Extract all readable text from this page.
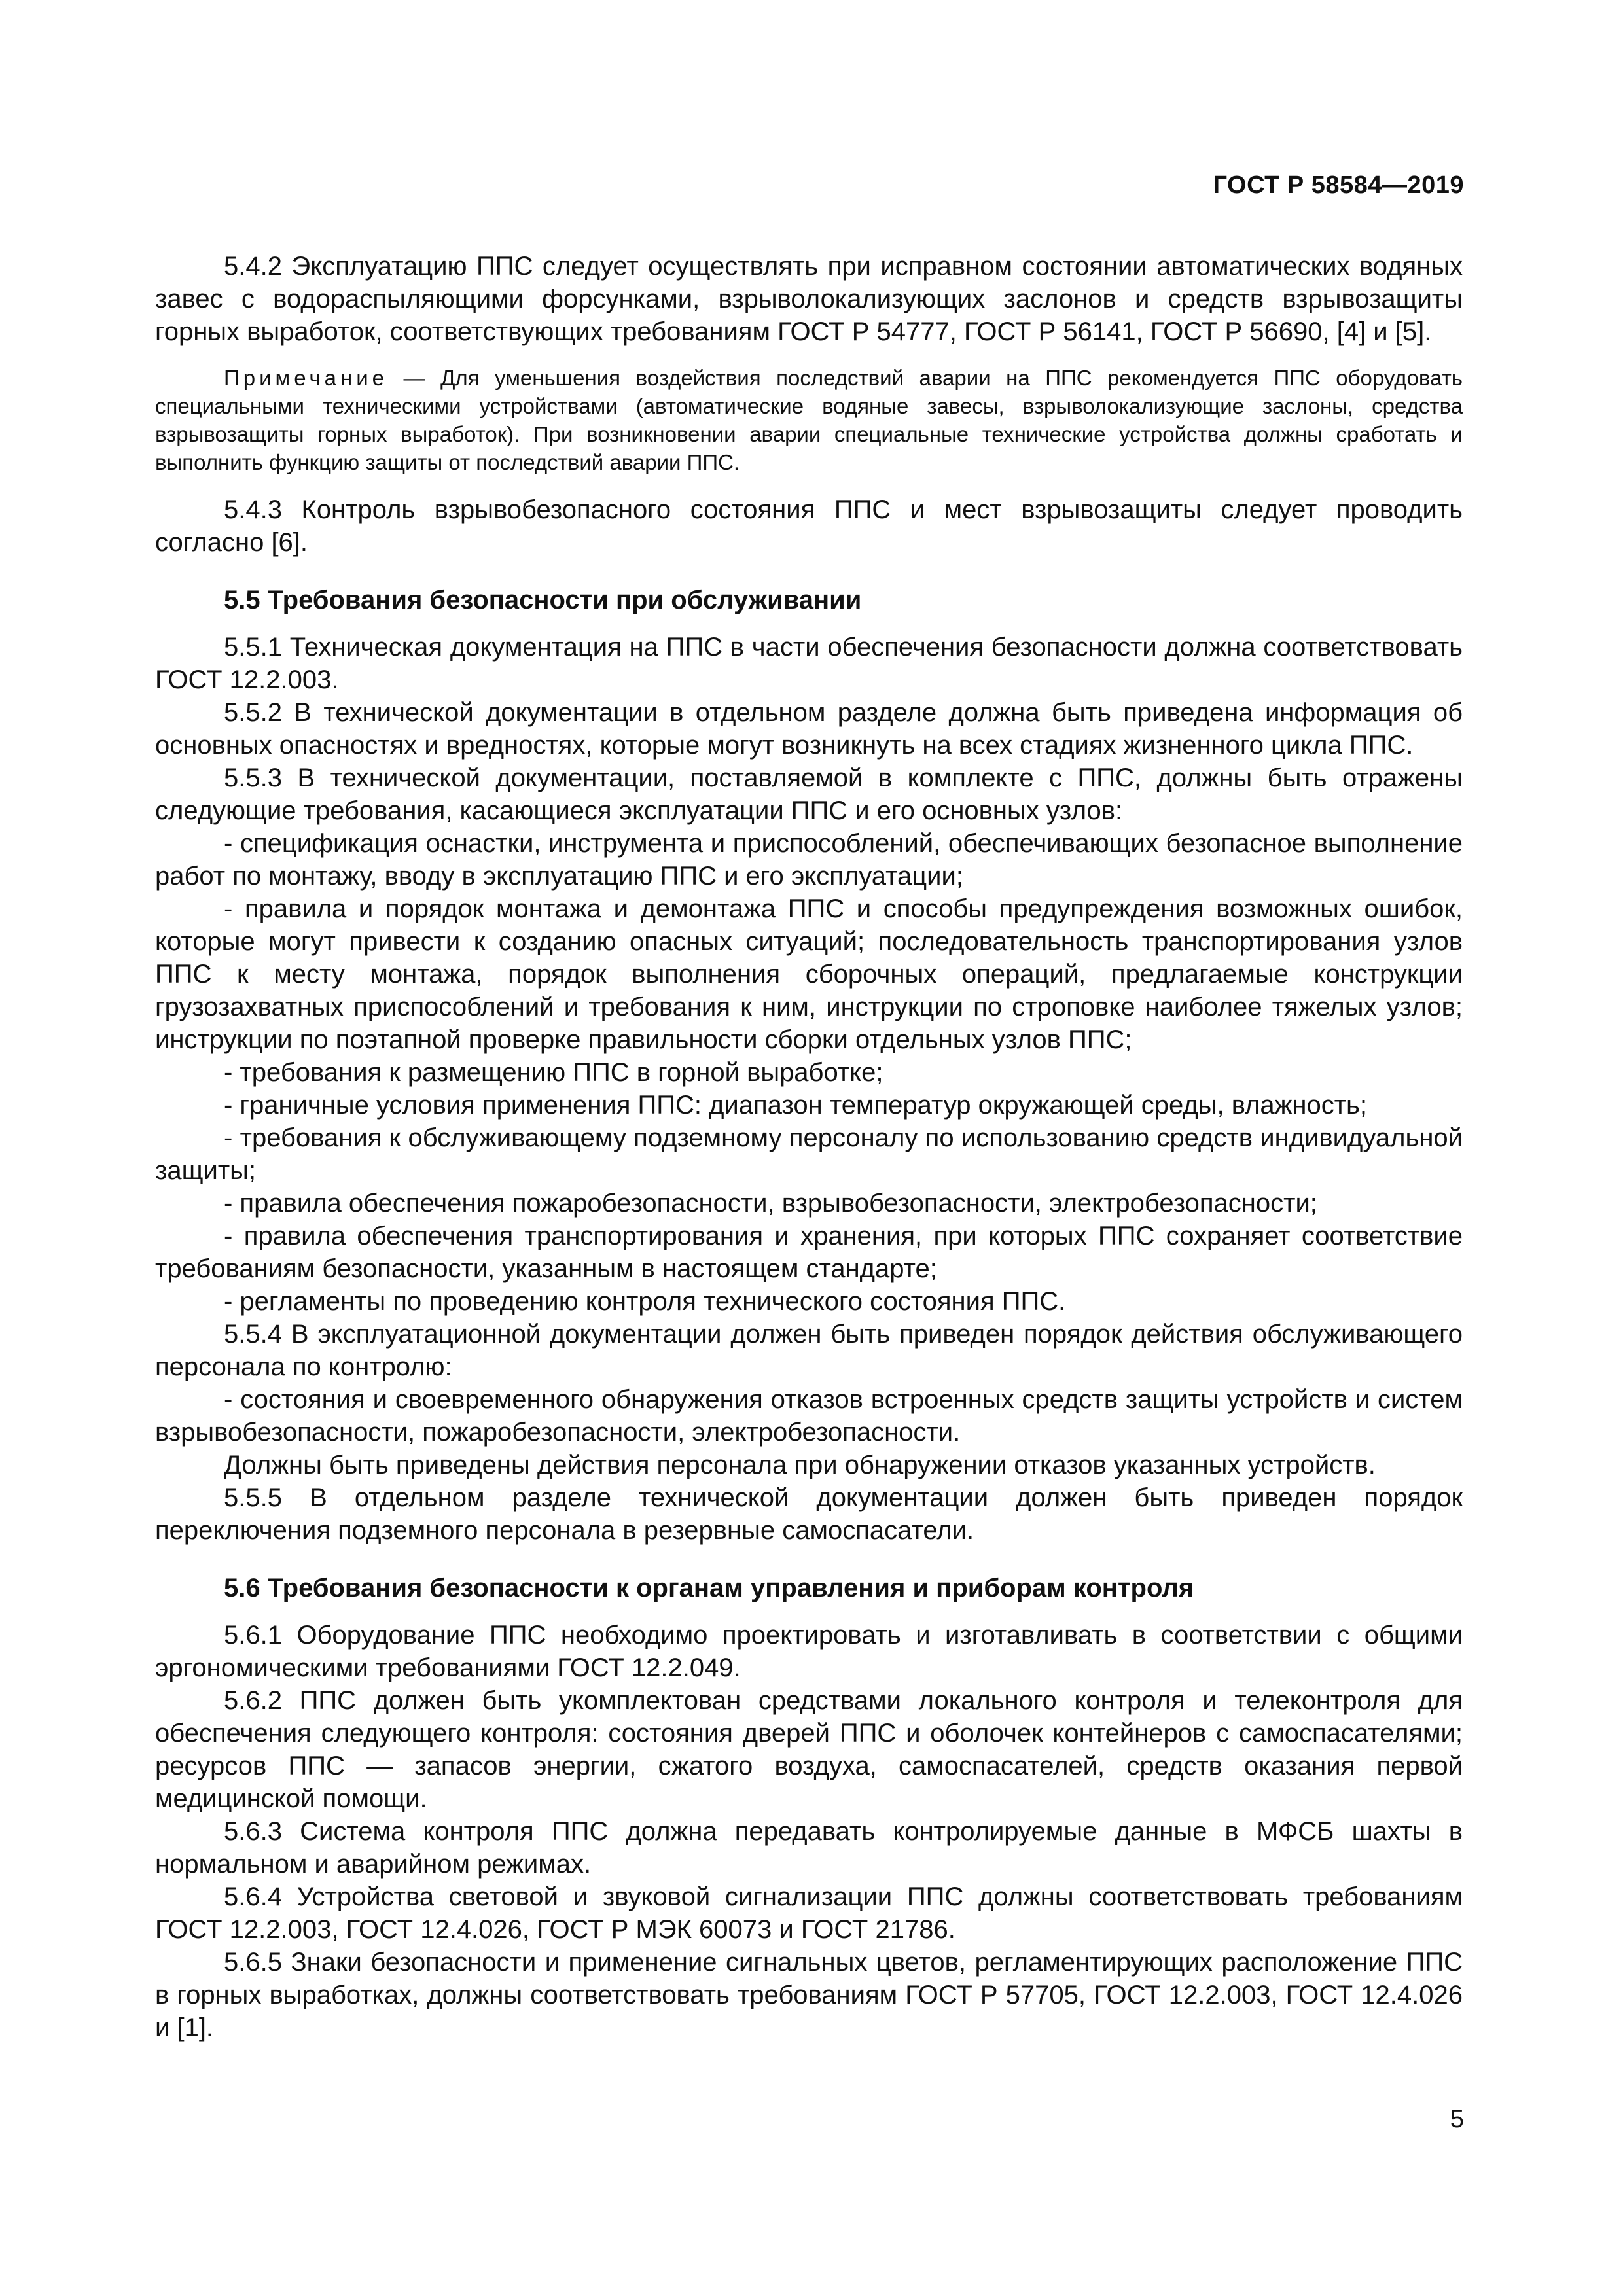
ГОСТ Р 58584—2019

5.4.2 Эксплуатацию ППС следует осуществлять при исправном состоянии автоматических водяных завес с водораспыляющими форсунками, взрыволокализующих заслонов и средств взрывозащиты горных выработок, соответствующих требованиям ГОСТ Р 54777, ГОСТ Р 56141, ГОСТ Р 56690, [4] и [5].

Примечание — Для уменьшения воздействия последствий аварии на ППС рекомендуется ППС оборудовать специальными техническими устройствами (автоматические водяные завесы, взрыволокализующие заслоны, средства взрывозащиты горных выработок). При возникновении аварии специальные технические устройства должны сработать и выполнить функцию защиты от последствий аварии ППС.

5.4.3 Контроль взрывобезопасного состояния ППС и мест взрывозащиты следует проводить согласно [6].

5.5 Требования безопасности при обслуживании

5.5.1 Техническая документация на ППС в части обеспечения безопасности должна соответствовать ГОСТ 12.2.003.

5.5.2 В технической документации в отдельном разделе должна быть приведена информация об основных опасностях и вредностях, которые могут возникнуть на всех стадиях жизненного цикла ППС.

5.5.3 В технической документации, поставляемой в комплекте с ППС, должны быть отражены следующие требования, касающиеся эксплуатации ППС и его основных узлов:

- спецификация оснастки, инструмента и приспособлений, обеспечивающих безопасное выполнение работ по монтажу, вводу в эксплуатацию ППС и его эксплуатации;

- правила и порядок монтажа и демонтажа ППС и способы предупреждения возможных ошибок, которые могут привести к созданию опасных ситуаций; последовательность транспортирования узлов ППС к месту монтажа, порядок выполнения сборочных операций, предлагаемые конструкции грузозахватных приспособлений и требования к ним, инструкции по строповке наиболее тяжелых узлов; инструкции по поэтапной проверке правильности сборки отдельных узлов ППС;

- требования к размещению ППС в горной выработке;

- граничные условия применения ППС: диапазон температур окружающей среды, влажность;

- требования к обслуживающему подземному персоналу по использованию средств индивидуальной защиты;

- правила обеспечения пожаробезопасности, взрывобезопасности, электробезопасности;

- правила обеспечения транспортирования и хранения, при которых ППС сохраняет соответствие требованиям безопасности, указанным в настоящем стандарте;

- регламенты по проведению контроля технического состояния ППС.

5.5.4 В эксплуатационной документации должен быть приведен порядок действия обслуживающего персонала по контролю:

- состояния и своевременного обнаружения отказов встроенных средств защиты устройств и систем взрывобезопасности, пожаробезопасности, электробезопасности.

Должны быть приведены действия персонала при обнаружении отказов указанных устройств.

5.5.5 В отдельном разделе технической документации должен быть приведен порядок переключения подземного персонала в резервные самоспасатели.

5.6 Требования безопасности к органам управления и приборам контроля

5.6.1 Оборудование ППС необходимо проектировать и изготавливать в соответствии с общими эргономическими требованиями ГОСТ 12.2.049.

5.6.2 ППС должен быть укомплектован средствами локального контроля и телеконтроля для обеспечения следующего контроля: состояния дверей ППС и оболочек контейнеров с самоспасателями; ресурсов ППС — запасов энергии, сжатого воздуха, самоспасателей, средств оказания первой медицинской помощи.

5.6.3 Система контроля ППС должна передавать контролируемые данные в МФСБ шахты в нормальном и аварийном режимах.

5.6.4 Устройства световой и звуковой сигнализации ППС должны соответствовать требованиям ГОСТ 12.2.003, ГОСТ 12.4.026, ГОСТ Р МЭК 60073 и ГОСТ 21786.

5.6.5 Знаки безопасности и применение сигнальных цветов, регламентирующих расположение ППС в горных выработках, должны соответствовать требованиям ГОСТ Р 57705, ГОСТ 12.2.003, ГОСТ 12.4.026 и [1].

5
